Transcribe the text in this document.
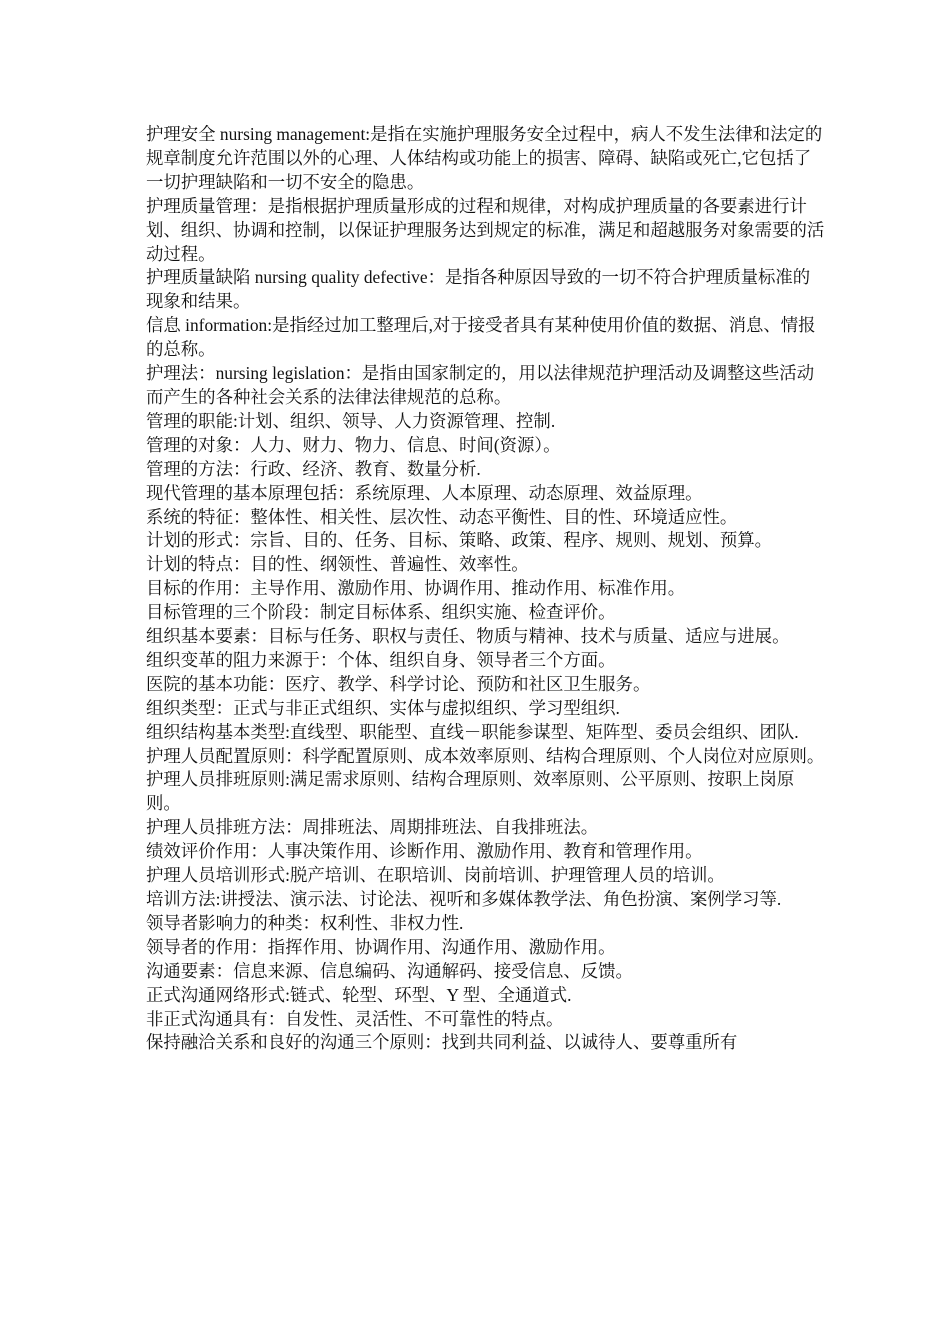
护理安全 nursing management:是指在实施护理服务安全过程中，病人不发生法律和法定的规章制度允许范围以外的心理、人体结构或功能上的损害、障碍、缺陷或死亡,它包括了一切护理缺陷和一切不安全的隐患。

护理质量管理：是指根据护理质量形成的过程和规律，对构成护理质量的各要素进行计划、组织、协调和控制，以保证护理服务达到规定的标准，满足和超越服务对象需要的活动过程。

护理质量缺陷 nursing quality defective：是指各种原因导致的一切不符合护理质量标准的现象和结果。

信息 information:是指经过加工整理后,对于接受者具有某种使用价值的数据、消息、情报的总称。

护理法：nursing legislation：是指由国家制定的，用以法律规范护理活动及调整这些活动而产生的各种社会关系的法律法律规范的总称。

管理的职能:计划、组织、领导、人力资源管理、控制.

管理的对象：人力、财力、物力、信息、时间(资源）。

管理的方法：行政、经济、教育、数量分析.

现代管理的基本原理包括：系统原理、人本原理、动态原理、效益原理。

系统的特征：整体性、相关性、层次性、动态平衡性、目的性、环境适应性。

计划的形式：宗旨、目的、任务、目标、策略、政策、程序、规则、规划、预算。

计划的特点：目的性、纲领性、普遍性、效率性。

目标的作用：主导作用、激励作用、协调作用、推动作用、标准作用。

目标管理的三个阶段：制定目标体系、组织实施、检查评价。

组织基本要素：目标与任务、职权与责任、物质与精神、技术与质量、适应与进展。

组织变革的阻力来源于：个体、组织自身、领导者三个方面。

医院的基本功能：医疗、教学、科学讨论、预防和社区卫生服务。

组织类型：正式与非正式组织、实体与虚拟组织、学习型组织.

组织结构基本类型:直线型、职能型、直线－职能参谋型、矩阵型、委员会组织、团队.

护理人员配置原则：科学配置原则、成本效率原则、结构合理原则、个人岗位对应原则。

护理人员排班原则:满足需求原则、结构合理原则、效率原则、公平原则、按职上岗原则。

护理人员排班方法：周排班法、周期排班法、自我排班法。

绩效评价作用：人事决策作用、诊断作用、激励作用、教育和管理作用。

护理人员培训形式:脱产培训、在职培训、岗前培训、护理管理人员的培训。

培训方法:讲授法、演示法、讨论法、视听和多媒体教学法、角色扮演、案例学习等.

领导者影响力的种类：权利性、非权力性.

领导者的作用：指挥作用、协调作用、沟通作用、激励作用。

沟通要素：信息来源、信息编码、沟通解码、接受信息、反馈。

正式沟通网络形式:链式、轮型、环型、Y 型、全通道式.

非正式沟通具有：自发性、灵活性、不可靠性的特点。

保持融洽关系和良好的沟通三个原则：找到共同利益、以诚待人、要尊重所有
